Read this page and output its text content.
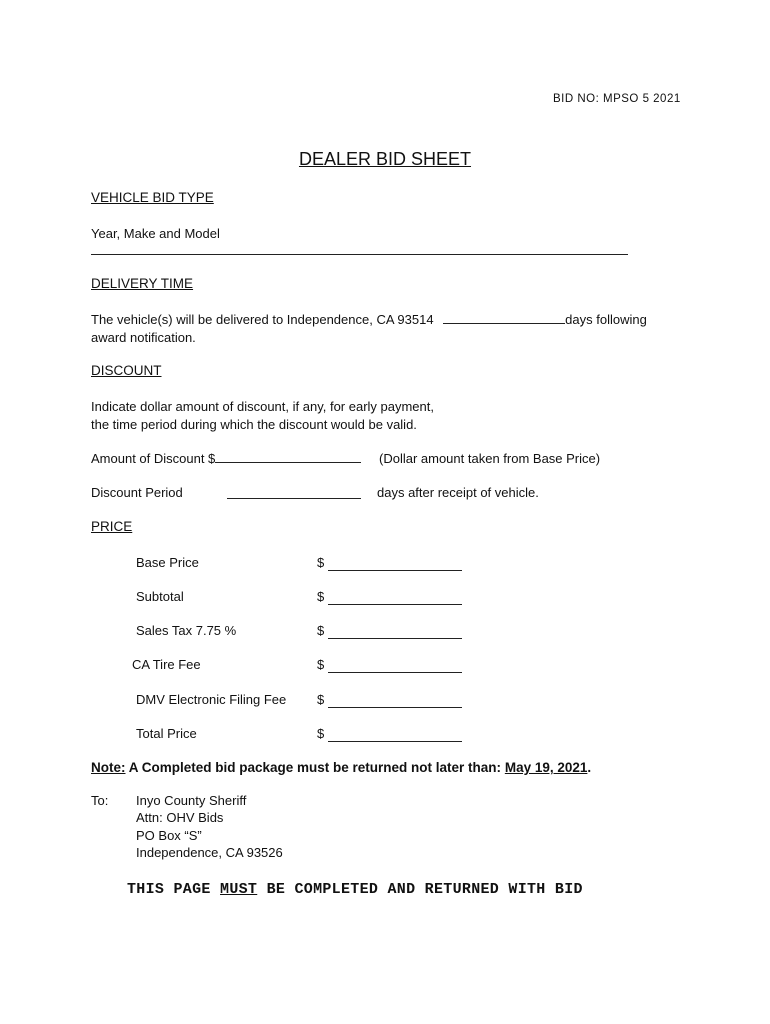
BID NO: MPSO 5 2021
DEALER BID SHEET
VEHICLE BID TYPE
Year, Make and Model
DELIVERY TIME
The vehicle(s) will be delivered to Independence, CA 93514	days following
award notification.
DISCOUNT
Indicate dollar amount of discount, if any, for early payment,
the time period during which the discount would be valid.
Amount of Discount $	(Dollar amount taken from Base Price)
Discount Period	days after receipt of vehicle.
PRICE
Base Price	$
Subtotal	$
Sales Tax 7.75 %	$
CA Tire Fee	$
DMV Electronic Filing Fee $
Total Price	$
Note: A Completed bid package must be returned not later than: May 19, 2021.
To: Inyo County Sheriff
Attn: OHV Bids
PO Box “S”
Independence, CA 93526
THIS PAGE MUST BE COMPLETED AND RETURNED WITH BID
